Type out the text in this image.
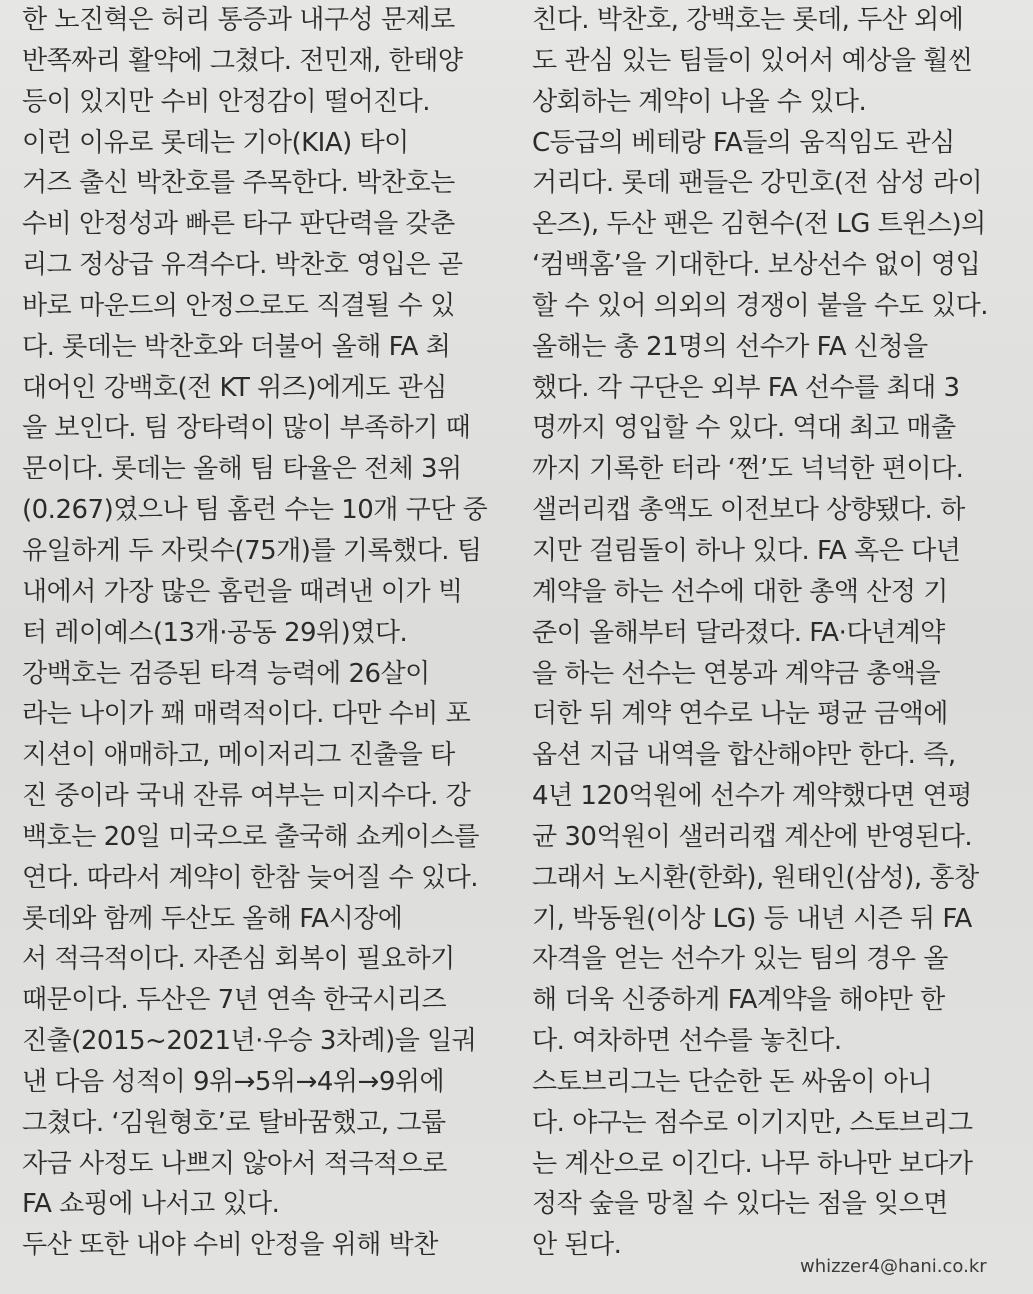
한 노진혁은 허리 통증과 내구성 문제로
반쪽짜리 활약에 그쳤다. 전민재, 한태양
등이 있지만 수비 안정감이 떨어진다.
이런 이유로 롯데는 기아(KIA) 타이
거즈 출신 박찬호를 주목한다. 박찬호는
수비 안정성과 빠른 타구 판단력을 갖춘
리그 정상급 유격수다. 박찬호 영입은 곧
바로 마운드의 안정으로도 직결될 수 있
다. 롯데는 박찬호와 더불어 올해 FA 최
대어인 강백호(전 KT 위즈)에게도 관심
을 보인다. 팀 장타력이 많이 부족하기 때
문이다. 롯데는 올해 팀 타율은 전체 3위
(0.267)였으나 팀 홈런 수는 10개 구단 중
유일하게 두 자릿수(75개)를 기록했다. 팀
내에서 가장 많은 홈런을 때려낸 이가 빅
터 레이예스(13개·공동 29위)였다.
강백호는 검증된 타격 능력에 26살이
라는 나이가 꽤 매력적이다. 다만 수비 포
지션이 애매하고, 메이저리그 진출을 타
진 중이라 국내 잔류 여부는 미지수다. 강
백호는 20일 미국으로 출국해 쇼케이스를
연다. 따라서 계약이 한참 늦어질 수 있다.
롯데와 함께 두산도 올해 FA시장에
서 적극적이다. 자존심 회복이 필요하기
때문이다. 두산은 7년 연속 한국시리즈
진출(2015~2021년·우승 3차례)을 일궈
낸 다음 성적이 9위→5위→4위→9위에
그쳤다. ‘김원형호’로 탈바꿈했고, 그룹
자금 사정도 나쁘지 않아서 적극적으로
FA 쇼핑에 나서고 있다.
두산 또한 내야 수비 안정을 위해 박찬
친다. 박찬호, 강백호는 롯데, 두산 외에
도 관심 있는 팀들이 있어서 예상을 훨씬
상회하는 계약이 나올 수 있다.
C등급의 베테랑 FA들의 움직임도 관심
거리다. 롯데 팬들은 강민호(전 삼성 라이
온즈), 두산 팬은 김현수(전 LG 트윈스)의
‘컴백홈’을 기대한다. 보상선수 없이 영입
할 수 있어 의외의 경쟁이 붙을 수도 있다.
올해는 총 21명의 선수가 FA 신청을
했다. 각 구단은 외부 FA 선수를 최대 3
명까지 영입할 수 있다. 역대 최고 매출
까지 기록한 터라 ‘쩐’도 넉넉한 편이다.
샐러리캡 총액도 이전보다 상향됐다. 하
지만 걸림돌이 하나 있다. FA 혹은 다년
계약을 하는 선수에 대한 총액 산정 기
준이 올해부터 달라졌다. FA·다년계약
을 하는 선수는 연봉과 계약금 총액을
더한 뒤 계약 연수로 나눈 평균 금액에
옵션 지급 내역을 합산해야만 한다. 즉,
4년 120억원에 선수가 계약했다면 연평
균 30억원이 샐러리캡 계산에 반영된다.
그래서 노시환(한화), 원태인(삼성), 홍창
기, 박동원(이상 LG) 등 내년 시즌 뒤 FA
자격을 얻는 선수가 있는 팀의 경우 올
해 더욱 신중하게 FA계약을 해야만 한
다. 여차하면 선수를 놓친다.
스토브리그는 단순한 돈 싸움이 아니
다. 야구는 점수로 이기지만, 스토브리그
는 계산으로 이긴다. 나무 하나만 보다가
정작 숲을 망칠 수 있다는 점을 잊으면
안 된다.
whizzer4@hani.co.kr
